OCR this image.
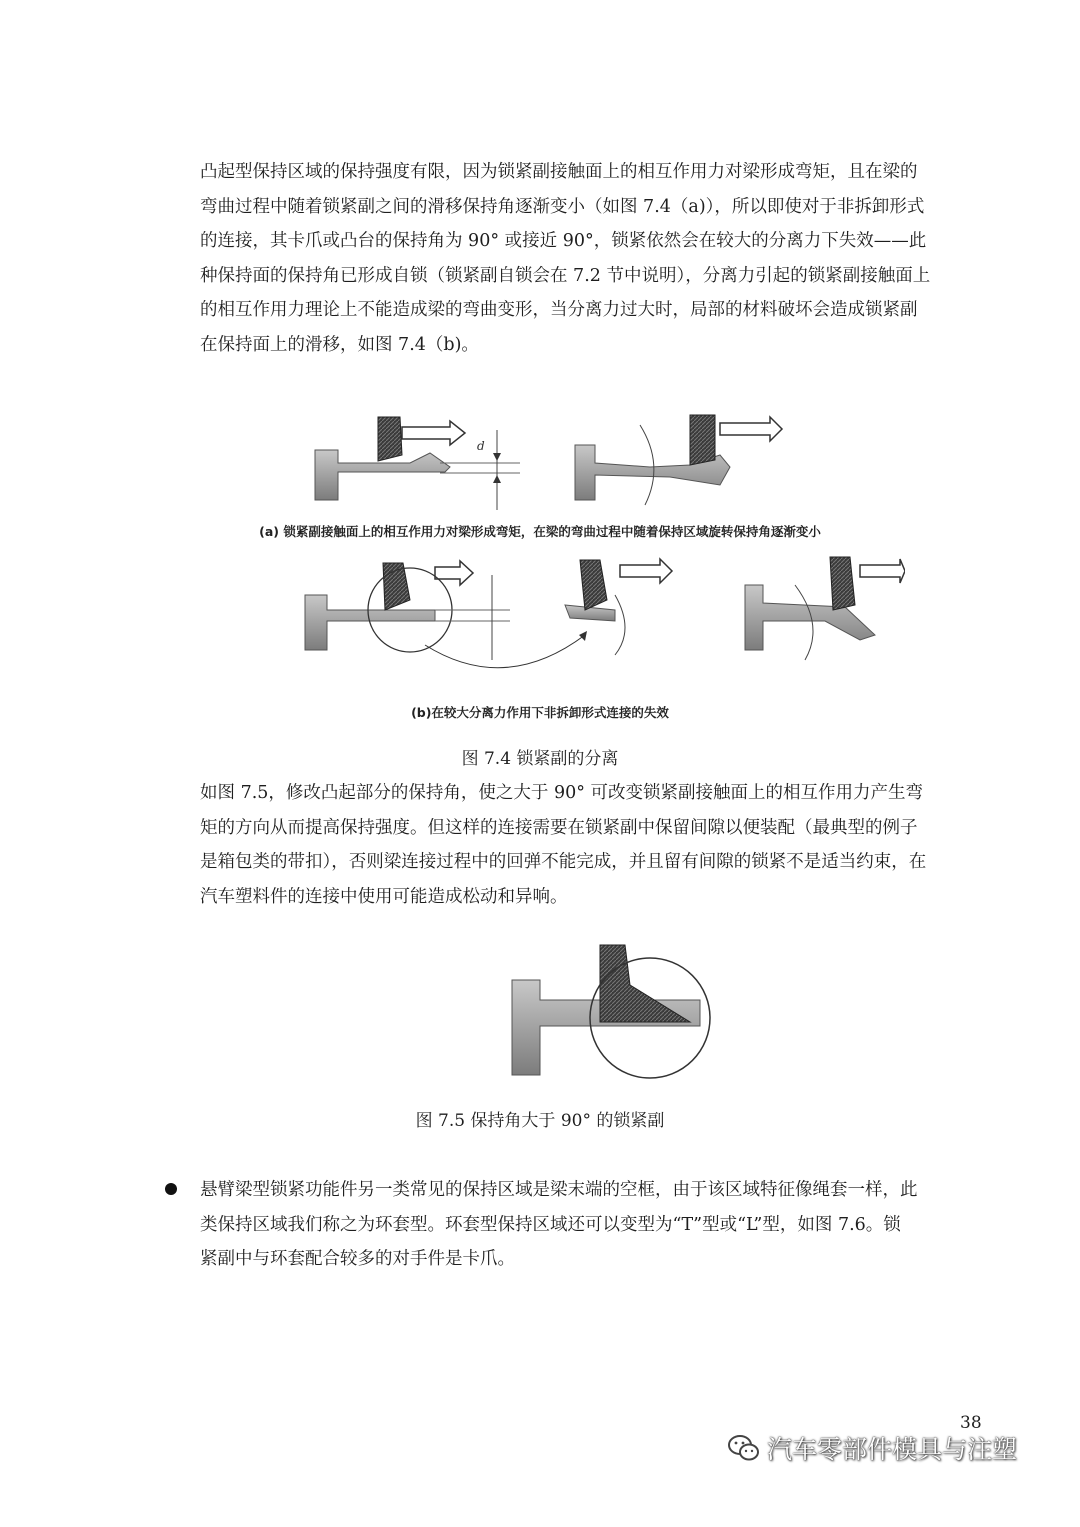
凸起型保持区域的保持强度有限，因为锁紧副接触面上的相互作用力对梁形成弯矩，且在梁的
弯曲过程中随着锁紧副之间的滑移保持角逐渐变小（如图 7.4（a)），所以即使对于非拆卸形式
的连接，其卡爪或凸台的保持角为 90° 或接近 90°，锁紧依然会在较大的分离力下失效——此
种保持面的保持角已形成自锁（锁紧副自锁会在 7.2 节中说明），分离力引起的锁紧副接触面上
的相互作用力理论上不能造成梁的弯曲变形，当分离力过大时，局部的材料破坏会造成锁紧副
在保持面上的滑移，如图 7.4（b)。
d
(a) 锁紧副接触面上的相互作用力对梁形成弯矩，在梁的弯曲过程中随着保持区域旋转保持角逐渐变小
(b)在较大分离力作用下非拆卸形式连接的失效
图 7.4 锁紧副的分离
如图 7.5，修改凸起部分的保持角，使之大于 90° 可改变锁紧副接触面上的相互作用力产生弯
矩的方向从而提高保持强度。但这样的连接需要在锁紧副中保留间隙以便装配（最典型的例子
是箱包类的带扣），否则梁连接过程中的回弹不能完成，并且留有间隙的锁紧不是适当约束，在
汽车塑料件的连接中使用可能造成松动和异响。
图 7.5 保持角大于 90° 的锁紧副
悬臂梁型锁紧功能件另一类常见的保持区域是梁末端的空框，由于该区域特征像绳套一样，此
类保持区域我们称之为环套型。环套型保持区域还可以变型为“T”型或“L”型，如图 7.6。锁
紧副中与环套配合较多的对手件是卡爪。
38
汽车零部件模具与注塑
